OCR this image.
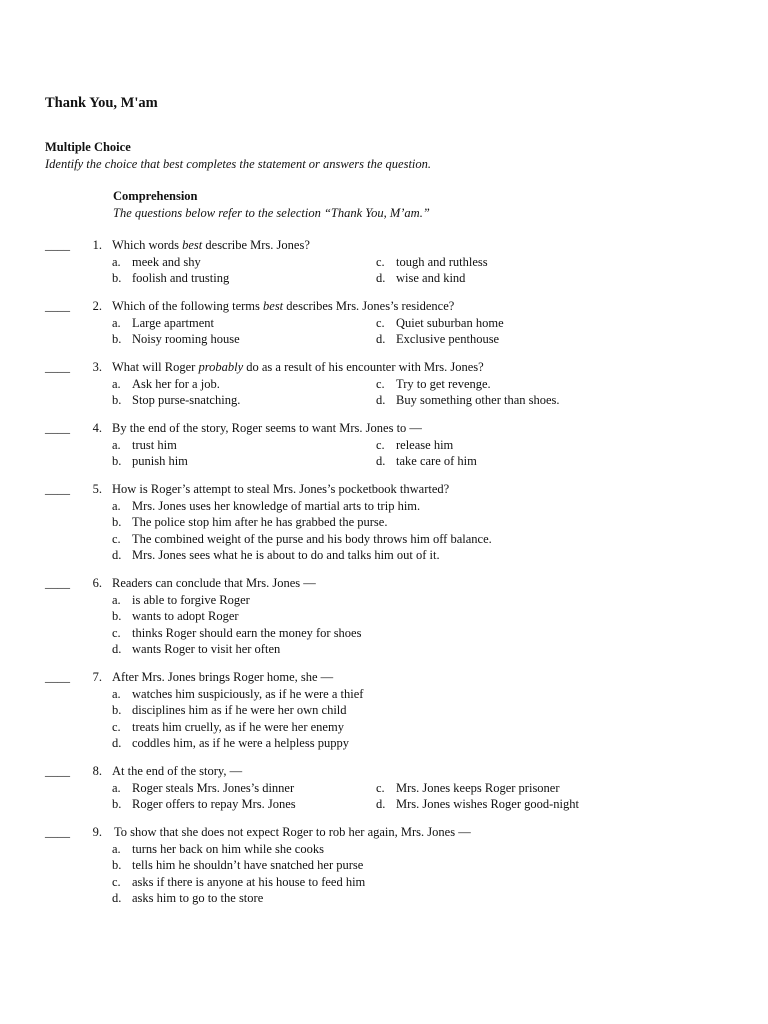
Thank You, M'am
Multiple Choice
Identify the choice that best completes the statement or answers the question.
Comprehension
The questions below refer to the selection “Thank You, M’am.”
____	1. Which words best describe Mrs. Jones?
a. meek and shy
b. foolish and trusting
c. tough and ruthless
d. wise and kind
____	2. Which of the following terms best describes Mrs. Jones’s residence?
a. Large apartment
b. Noisy rooming house
c. Quiet suburban home
d. Exclusive penthouse
____	3. What will Roger probably do as a result of his encounter with Mrs. Jones?
a. Ask her for a job.
b. Stop purse-snatching.
c. Try to get revenge.
d. Buy something other than shoes.
____	4. By the end of the story, Roger seems to want Mrs. Jones to —
a. trust him
b. punish him
c. release him
d. take care of him
____	5. How is Roger’s attempt to steal Mrs. Jones’s pocketbook thwarted?
a. Mrs. Jones uses her knowledge of martial arts to trip him.
b. The police stop him after he has grabbed the purse.
c. The combined weight of the purse and his body throws him off balance.
d. Mrs. Jones sees what he is about to do and talks him out of it.
____	6. Readers can conclude that Mrs. Jones —
a. is able to forgive Roger
b. wants to adopt Roger
c. thinks Roger should earn the money for shoes
d. wants Roger to visit her often
____	7. After Mrs. Jones brings Roger home, she —
a. watches him suspiciously, as if he were a thief
b. disciplines him as if he were her own child
c. treats him cruelly, as if he were her enemy
d. coddles him, as if he were a helpless puppy
____	8. At the end of the story, —
a. Roger steals Mrs. Jones’s dinner
b. Roger offers to repay Mrs. Jones
c. Mrs. Jones keeps Roger prisoner
d. Mrs. Jones wishes Roger good-night
____	9. To show that she does not expect Roger to rob her again, Mrs. Jones —
a. turns her back on him while she cooks
b. tells him he shouldn’t have snatched her purse
c. asks if there is anyone at his house to feed him
d. asks him to go to the store
